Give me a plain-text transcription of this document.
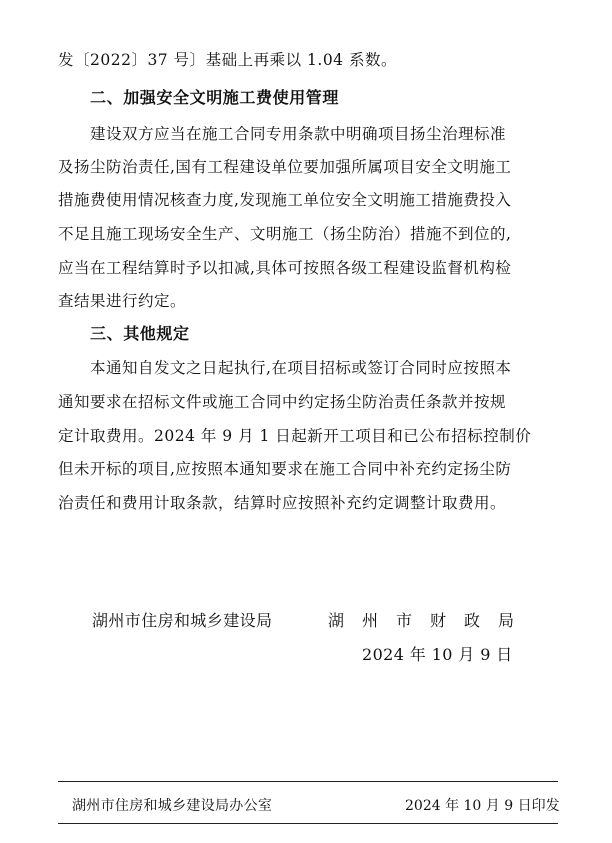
发〔2022〕37 号〕基础上再乘以 1.04 系数。
二、加强安全文明施工费使用管理
建设双方应当在施工合同专用条款中明确项目扬尘治理标准
及扬尘防治责任,国有工程建设单位要加强所属项目安全文明施工
措施费使用情况核查力度,发现施工单位安全文明施工措施费投入
不足且施工现场安全生产、文明施工（扬尘防治）措施不到位的,
应当在工程结算时予以扣减,具体可按照各级工程建设监督机构检
查结果进行约定。
三、其他规定
本通知自发文之日起执行,在项目招标或签订合同时应按照本
通知要求在招标文件或施工合同中约定扬尘防治责任条款并按规
定计取费用。2024 年 9 月 1 日起新开工项目和已公布招标控制价
但未开标的项目,应按照本通知要求在施工合同中补充约定扬尘防
治责任和费用计取条款，结算时应按照补充约定调整计取费用。
湖州市住房和城乡建设局	湖　州　市　财　政　局
2024 年 10 月 9 日
湖州市住房和城乡建设局办公室	2024 年 10 月 9 日印发
